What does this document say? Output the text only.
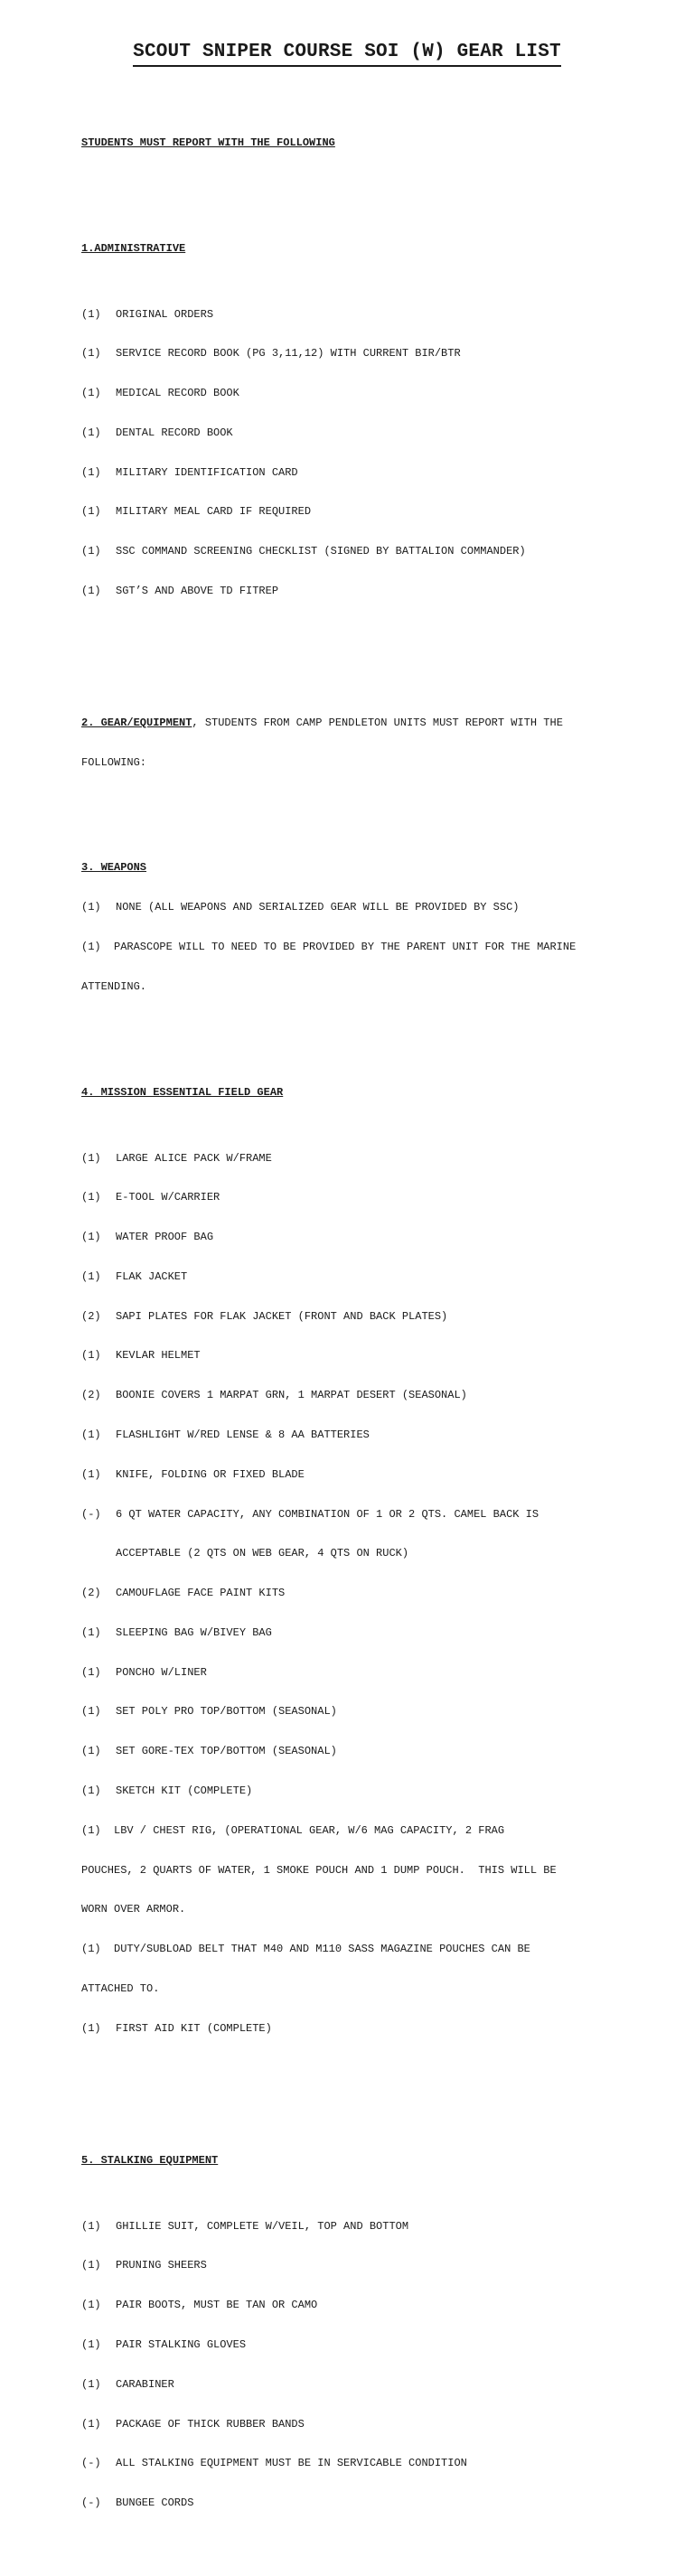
SCOUT SNIPER COURSE SOI (W) GEAR LIST

STUDENTS MUST REPORT WITH THE FOLLOWING

1.ADMINISTRATIVE

(1) ORIGINAL ORDERS

(1) SERVICE RECORD BOOK (PG 3,11,12) WITH CURRENT BIR/BTR

(1) MEDICAL RECORD BOOK

(1) DENTAL RECORD BOOK

(1) MILITARY IDENTIFICATION CARD

(1) MILITARY MEAL CARD IF REQUIRED

(1) SSC COMMAND SCREENING CHECKLIST (SIGNED BY BATTALION COMMANDER)

(1) SGT’S AND ABOVE TD FITREP

2. GEAR/EQUIPMENT, STUDENTS FROM CAMP PENDLETON UNITS MUST REPORT WITH THE

FOLLOWING:

3. WEAPONS

(1) NONE (ALL WEAPONS AND SERIALIZED GEAR WILL BE PROVIDED BY SSC)

(1)  PARASCOPE WILL TO NEED TO BE PROVIDED BY THE PARENT UNIT FOR THE MARINE

ATTENDING.

4. MISSION ESSENTIAL FIELD GEAR

(1) LARGE ALICE PACK W/FRAME

(1) E-TOOL W/CARRIER

(1) WATER PROOF BAG

(1) FLAK JACKET

(2) SAPI PLATES FOR FLAK JACKET (FRONT AND BACK PLATES)

(1) KEVLAR HELMET

(2) BOONIE COVERS 1 MARPAT GRN, 1 MARPAT DESERT (SEASONAL)

(1) FLASHLIGHT W/RED LENSE & 8 AA BATTERIES

(1) KNIFE, FOLDING OR FIXED BLADE

(-) 6 QT WATER CAPACITY, ANY COMBINATION OF 1 OR 2 QTS. CAMEL BACK IS

ACCEPTABLE (2 QTS ON WEB GEAR, 4 QTS ON RUCK)

(2) CAMOUFLAGE FACE PAINT KITS

(1) SLEEPING BAG W/BIVEY BAG

(1) PONCHO W/LINER

(1) SET POLY PRO TOP/BOTTOM (SEASONAL)

(1) SET GORE-TEX TOP/BOTTOM (SEASONAL)

(1) SKETCH KIT (COMPLETE)

(1)  LBV / CHEST RIG, (OPERATIONAL GEAR, W/6 MAG CAPACITY, 2 FRAG

POUCHES, 2 QUARTS OF WATER, 1 SMOKE POUCH AND 1 DUMP POUCH.  THIS WILL BE

WORN OVER ARMOR.

(1)  DUTY/SUBLOAD BELT THAT M40 AND M110 SASS MAGAZINE POUCHES CAN BE

ATTACHED TO.

(1) FIRST AID KIT (COMPLETE)

5. STALKING EQUIPMENT

(1) GHILLIE SUIT, COMPLETE W/VEIL, TOP AND BOTTOM

(1) PRUNING SHEERS

(1) PAIR BOOTS, MUST BE TAN OR CAMO

(1) PAIR STALKING GLOVES

(1) CARABINER

(1) PACKAGE OF THICK RUBBER BANDS

(-) ALL STALKING EQUIPMENT MUST BE IN SERVICABLE CONDITION

(-) BUNGEE CORDS
